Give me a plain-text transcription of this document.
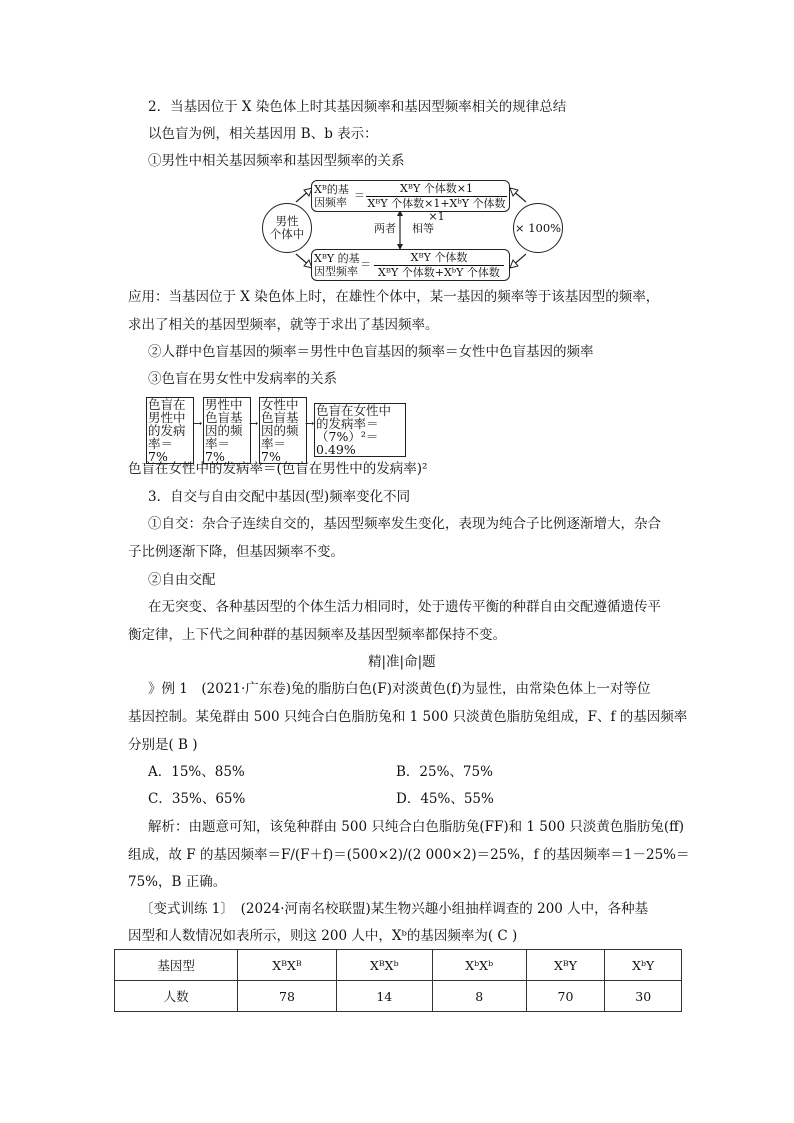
2．当基因位于 X 染色体上时其基因频率和基因型频率相关的规律总结
以色盲为例，相关基因用 B、b 表示：
①男性中相关基因频率和基因型频率的关系
男性
个体中
Xᴮ的基
因频率
＝
XᴮY 个体数×1
XᴮY 个体数×1+XᵇY 个体数×1
XᴮY 的基
因型频率
＝
XᴮY 个体数
XᴮY 个体数+XᵇY 个体数
两者	相等	× 100%
应用：当基因位于 X 染色体上时，在雄性个体中，某一基因的频率等于该基因型的频率，
求出了相关的基因型频率，就等于求出了基因频率。
②人群中色盲基因的频率＝男性中色盲基因的频率＝女性中色盲基因的频率
③色盲在男女性中发病率的关系
色盲在
男性中
的发病
率＝7%
→
男性中
色盲基
因的频
率＝7%
→
女性中
色盲基
因的频
率＝7%
→
色盲在女性中
的发病率＝
（7%）²＝0.49%
色盲在女性中的发病率＝(色盲在男性中的发病率)²
3．自交与自由交配中基因(型)频率变化不同
①自交：杂合子连续自交的，基因型频率发生变化，表现为纯合子比例逐渐增大，杂合
子比例逐渐下降，但基因频率不变。
②自由交配
在无突变、各种基因型的个体生活力相同时，处于遗传平衡的种群自由交配遵循遗传平
衡定律，上下代之间种群的基因频率及基因型频率都保持不变。
精|准|命|题
》例 1　(2021·广东卷)兔的脂肪白色(F)对淡黄色(f)为显性，由常染色体上一对等位
基因控制。某兔群由 500 只纯合白色脂肪兔和 1 500 只淡黄色脂肪兔组成，F、f 的基因频率
分别是( B )
A．15%、85%	B．25%、75%
C．35%、65%	D．45%、55%
解析：由题意可知，该兔种群由 500 只纯合白色脂肪兔(FF)和 1 500 只淡黄色脂肪兔(ff)
组成，故 F 的基因频率＝F/(F＋f)＝(500×2)/(2 000×2)＝25%，f 的基因频率＝1－25%＝
75%，B 正确。
〔变式训练 1〕　(2024·河南名校联盟)某生物兴趣小组抽样调查的 200 人中，各种基
因型和人数情况如表所示，则这 200 人中，Xᵇ的基因频率为( C )
基因型	XᴮXᴮ	XᴮXᵇ	XᵇXᵇ	XᴮY	XᵇY
人数	78	14	8	70	30
